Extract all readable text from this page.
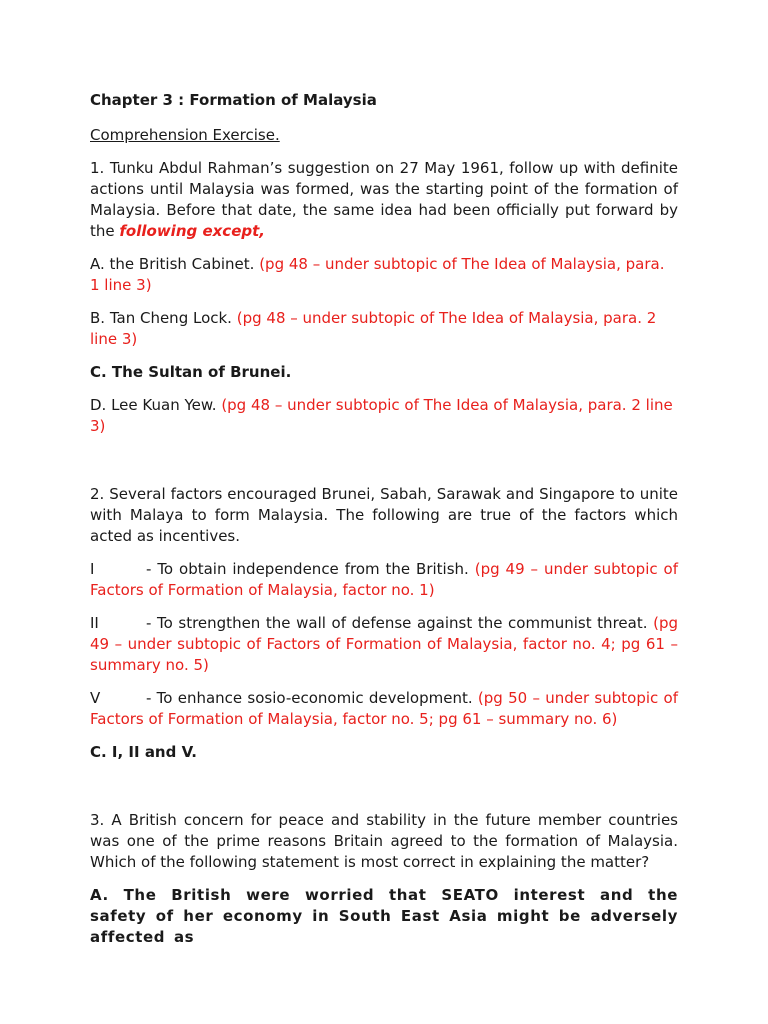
Chapter 3 : Formation of Malaysia

Comprehension Exercise.

1. Tunku Abdul Rahman’s suggestion on 27 May 1961, follow up with definite actions until Malaysia was formed, was the starting point of the formation of Malaysia. Before that date, the same idea had been officially put forward by the following except,

A. the British Cabinet. (pg 48 – under subtopic of The Idea of Malaysia, para. 1 line 3)

B. Tan Cheng Lock. (pg 48 – under subtopic of The Idea of Malaysia, para. 2 line 3)

C. The Sultan of Brunei.

D. Lee Kuan Yew. (pg 48 – under subtopic of The Idea of Malaysia, para. 2 line 3)

2. Several factors encouraged Brunei, Sabah, Sarawak and Singapore to unite with Malaya to form Malaysia. The following are true of the factors which acted as incentives.

I	- To obtain independence from the British. (pg 49 – under subtopic of Factors of Formation of Malaysia, factor no. 1)

II	- To strengthen the wall of defense against the communist threat. (pg 49 – under subtopic of Factors of Formation of Malaysia, factor no. 4; pg 61 – summary no. 5)

V	- To enhance sosio-economic development. (pg 50 – under subtopic of Factors of Formation of Malaysia, factor no. 5; pg 61 – summary no. 6)

C. I, II and V.

3. A British concern for peace and stability in the future member countries was one of the prime reasons Britain agreed to the formation of Malaysia. Which of the following statement is most correct in explaining the matter?

A. The British were worried that SEATO interest and the safety of her economy in South East Asia might be adversely affected as
